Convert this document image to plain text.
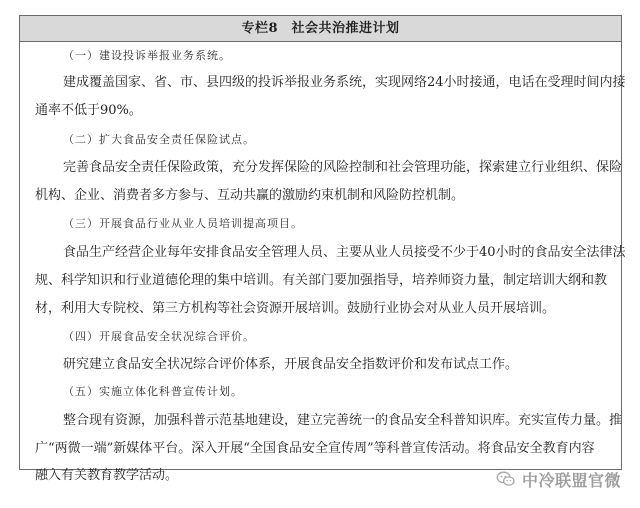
专栏8　社会共治推进计划
（一）建设投诉举报业务系统。
建成覆盖国家、省、市、县四级的投诉举报业务系统，实现网络24小时接通，电话在受理时间内接
通率不低于90%。
（二）扩大食品安全责任保险试点。
完善食品安全责任保险政策，充分发挥保险的风险控制和社会管理功能，探索建立行业组织、保险
机构、企业、消费者多方参与、互动共赢的激励约束机制和风险防控机制。
（三）开展食品行业从业人员培训提高项目。
食品生产经营企业每年安排食品安全管理人员、主要从业人员接受不少于40小时的食品安全法律法
规、科学知识和行业道德伦理的集中培训。有关部门要加强指导，培养师资力量，制定培训大纲和教
材，利用大专院校、第三方机构等社会资源开展培训。鼓励行业协会对从业人员开展培训。
（四）开展食品安全状况综合评价。
研究建立食品安全状况综合评价体系，开展食品安全指数评价和发布试点工作。
（五）实施立体化科普宣传计划。
整合现有资源，加强科普示范基地建设，建立完善统一的食品安全科普知识库。充实宣传力量。推
广“两微一端”新媒体平台。深入开展“全国食品安全宣传周”等科普宣传活动。将食品安全教育内容
融入有关教育教学活动。	中冷联盟官微
